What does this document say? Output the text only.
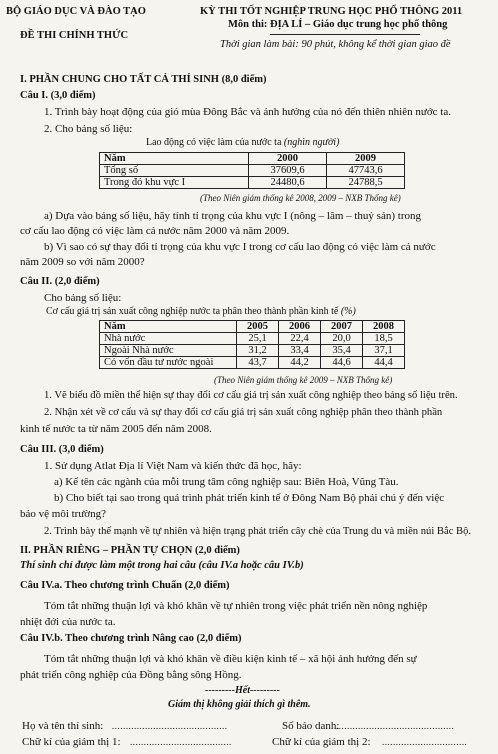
BỘ GIÁO DỤC VÀ ĐÀO TẠO
ĐỀ THI CHÍNH THỨC
KỲ THI TỐT NGHIỆP TRUNG HỌC PHỔ THÔNG 2011
Môn thi: ĐỊA LÍ – Giáo dục trung học phổ thông
Thời gian làm bài: 90 phút, không kể thời gian giao đề
I. PHẦN CHUNG CHO TẤT CẢ THÍ SINH (8,0 điểm)
Câu I. (3,0 điểm)
1. Trình bày hoạt động của gió mùa Đông Bắc và ảnh hưởng của nó đến thiên nhiên nước ta.
2. Cho bảng số liệu:
Lao động có việc làm của nước ta (nghìn người)
Năm	2000	2009
Tổng số	37609,6	47743,6
Trong đó khu vực I	24480,6	24788,5
(Theo Niên giám thống kê 2008, 2009 – NXB Thống kê)
a) Dựa vào bảng số liệu, hãy tính tỉ trọng của khu vực I (nông – lâm – thuỷ sản) trong
cơ cấu lao động có việc làm cả nước năm 2000 và năm 2009.
b) Vì sao có sự thay đổi tỉ trọng của khu vực I trong cơ cấu lao động có việc làm cả nước
năm 2009 so với năm 2000?
Câu II. (2,0 điểm)
Cho bảng số liệu:
Cơ cấu giá trị sản xuất công nghiệp nước ta phân theo thành phần kinh tế (%)
Năm	2005	2006	2007	2008
Nhà nước	25,1	22,4	20,0	18,5
Ngoài Nhà nước	31,2	33,4	35,4	37,1
Có vốn đầu tư nước ngoài	43,7	44,2	44,6	44,4
(Theo Niên giám thống kê 2009 – NXB Thống kê)
1. Vẽ biểu đồ miền thể hiện sự thay đổi cơ cấu giá trị sản xuất công nghiệp theo bảng số liệu trên.
2. Nhận xét về cơ cấu và sự thay đổi cơ cấu giá trị sản xuất công nghiệp phân theo thành phần
kinh tế nước ta từ năm 2005 đến năm 2008.
Câu III. (3,0 điểm)
1. Sử dụng Atlat Địa lí Việt Nam và kiến thức đã học, hãy:
a) Kể tên các ngành của mỗi trung tâm công nghiệp sau: Biên Hoà, Vũng Tàu.
b) Cho biết tại sao trong quá trình phát triển kinh tế ở Đông Nam Bộ phải chú ý đến việc
bảo vệ môi trường?
2. Trình bày thế mạnh về tự nhiên và hiện trạng phát triển cây chè của Trung du và miền núi Bắc Bộ.
II. PHẦN RIÊNG – PHẦN TỰ CHỌN (2,0 điểm)
Thí sinh chỉ được làm một trong hai câu (câu IV.a hoặc câu IV.b)
Câu IV.a. Theo chương trình Chuẩn (2,0 điểm)
Tóm tắt những thuận lợi và khó khăn về tự nhiên trong việc phát triển nền nông nghiệp
nhiệt đới của nước ta.
Câu IV.b. Theo chương trình Nâng cao (2,0 điểm)
Tóm tắt những thuận lợi và khó khăn về điều kiện kinh tế – xã hội ảnh hưởng đến sự
phát triển công nghiệp của Đồng bằng sông Hồng.
---------Hết---------
Giám thị không giải thích gì thêm.
Họ và tên thí sinh: ..........................................	Số báo danh:
...........................................
Chữ kí của giám thị 1: .....................................	Chữ kí của giám thị 2: ...............................
